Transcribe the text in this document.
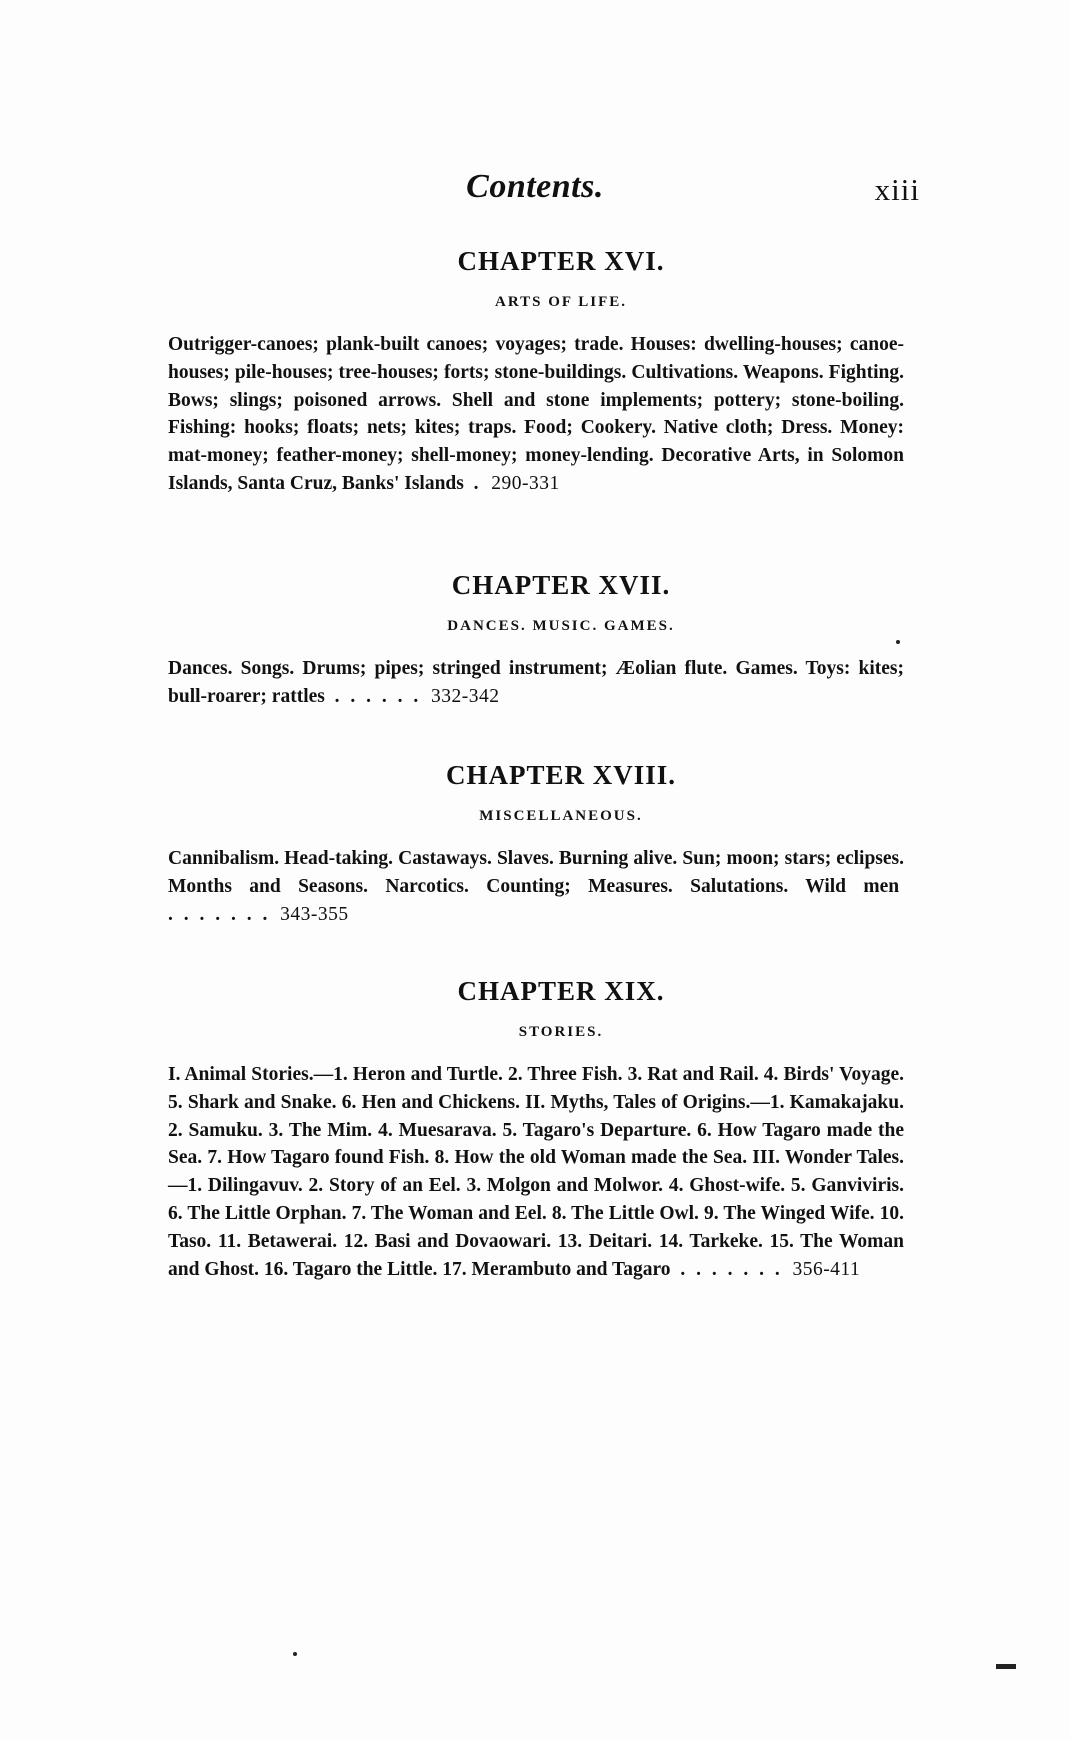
Contents.	xiii
CHAPTER XVI.
ARTS OF LIFE.

Outrigger-canoes; plank-built canoes; voyages; trade. Houses: dwelling-houses; canoe-houses; pile-houses; tree-houses; forts; stone-buildings. Cultivations. Weapons. Fighting. Bows; slings; poisoned arrows. Shell and stone implements; pottery; stone-boiling. Fishing: hooks; floats; nets; kites; traps. Food; Cookery. Native cloth; Dress. Money: mat-money; feather-money; shell-money; money-lending. Decorative Arts, in Solomon Islands, Santa Cruz, Banks' Islands . 290-331

CHAPTER XVII.
DANCES. MUSIC. GAMES.

Dances. Songs. Drums; pipes; stringed instrument; Æolian flute. Games. Toys: kites; bull-roarer; rattles . . . . . . 332-342

CHAPTER XVIII.
MISCELLANEOUS.

Cannibalism. Head-taking. Castaways. Slaves. Burning alive. Sun; moon; stars; eclipses. Months and Seasons. Narcotics. Counting; Measures. Salutations. Wild men  . . . . . . . 343-355

CHAPTER XIX.
STORIES.

I. Animal Stories.—1. Heron and Turtle. 2. Three Fish. 3. Rat and Rail. 4. Birds' Voyage. 5. Shark and Snake. 6. Hen and Chickens. II. Myths, Tales of Origins.—1. Kamakajaku. 2. Samuku. 3. The Mim. 4. Muesarava. 5. Tagaro's Departure. 6. How Tagaro made the Sea. 7. How Tagaro found Fish. 8. How the old Woman made the Sea. III. Wonder Tales.—1. Dilingavuv. 2. Story of an Eel. 3. Molgon and Molwor. 4. Ghost-wife. 5. Ganviviris. 6. The Little Orphan. 7. The Woman and Eel. 8. The Little Owl. 9. The Winged Wife. 10. Taso. 11. Betawerai. 12. Basi and Dovaowari. 13. Deitari. 14. Tarkeke. 15. The Woman and Ghost. 16. Tagaro the Little. 17. Merambuto and Tagaro . . . . . . . 356-411
